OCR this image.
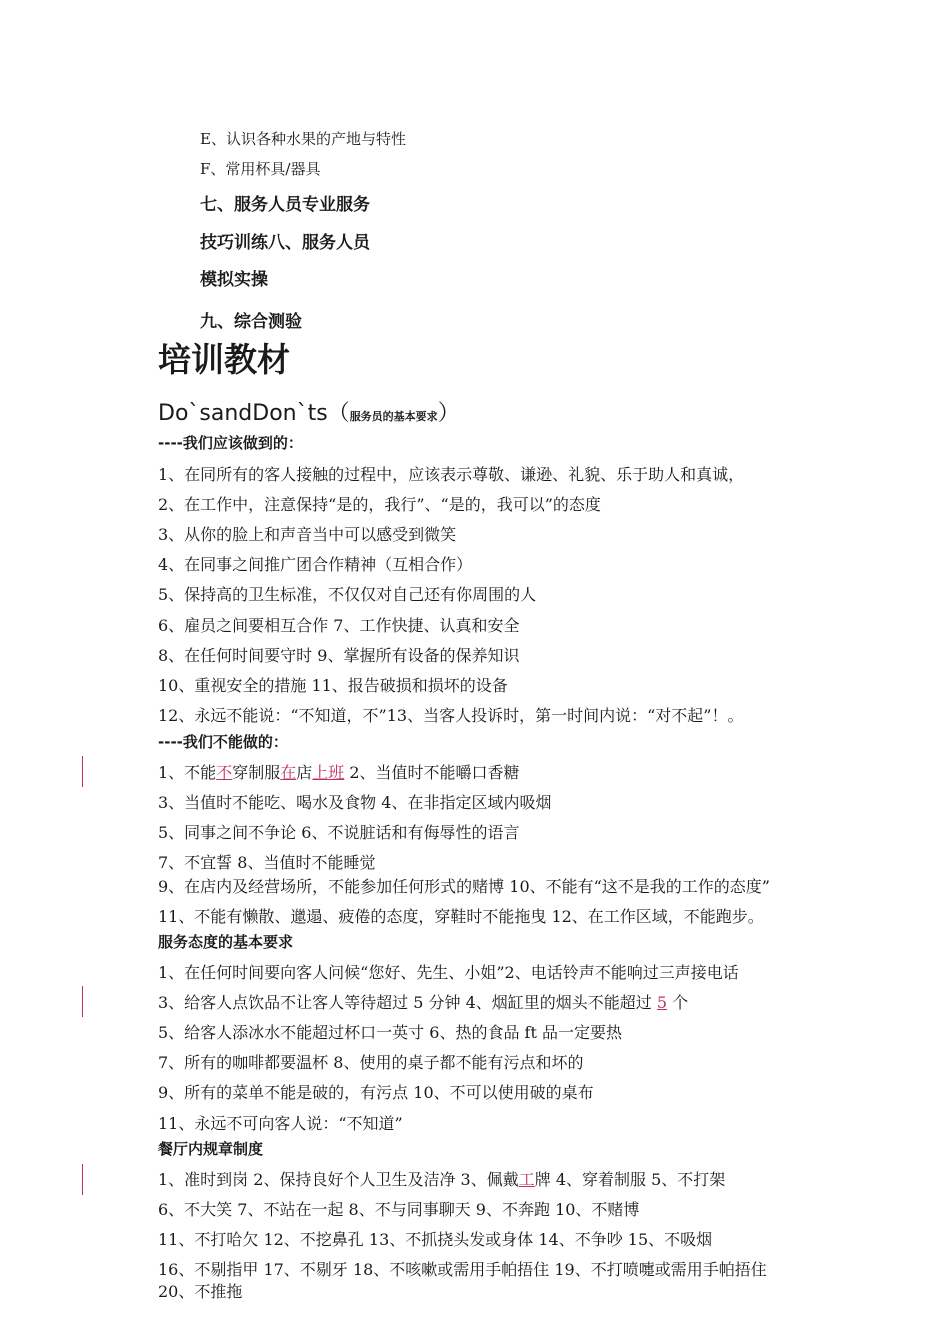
E、认识各种水果的产地与特性
F、常用杯具/器具
七、服务人员专业服务
技巧训练八、服务人员
模拟实操
九、综合测验
培训教材
Do`sandDon`ts（服务员的基本要求）
----我们应该做到的：
1、在同所有的客人接触的过程中，应该表示尊敬、谦逊、礼貌、乐于助人和真诚，
2、在工作中，注意保持“是的，我行”、“是的，我可以”的态度
3、从你的脸上和声音当中可以感受到微笑
4、在同事之间推广团合作精神（互相合作）
5、保持高的卫生标准，不仅仅对自己还有你周围的人
6、雇员之间要相互合作 7、工作快捷、认真和安全
8、在任何时间要守时 9、掌握所有设备的保养知识
10、重视安全的措施 11、报告破损和损坏的设备
12、永远不能说：“不知道，不”13、当客人投诉时，第一时间内说：“对不起”！。
----我们不能做的：
1、不能不穿制服在店上班 2、当值时不能嚼口香糖
3、当值时不能吃、喝水及食物 4、在非指定区域内吸烟
5、同事之间不争论 6、不说脏话和有侮辱性的语言
7、不宜誓 8、当值时不能睡觉
9、在店内及经营场所，不能参加任何形式的赌博 10、不能有“这不是我的工作的态度”
11、不能有懒散、邋遢、疲倦的态度，穿鞋时不能拖曳 12、在工作区域，不能跑步。
服务态度的基本要求
1、在任何时间要向客人问候“您好、先生、小姐”2、电话铃声不能响过三声接电话
3、给客人点饮品不让客人等待超过 5 分钟 4、烟缸里的烟头不能超过 5 个
5、给客人添冰水不能超过杯口一英寸 6、热的食品 ft 品一定要热
7、所有的咖啡都要温杯 8、使用的桌子都不能有污点和坏的
9、所有的菜单不能是破的，有污点 10、不可以使用破的桌布
11、永远不可向客人说：“不知道”
餐厅内规章制度
1、准时到岗 2、保持良好个人卫生及洁净 3、佩戴工牌 4、穿着制服 5、不打架
6、不大笑 7、不站在一起 8、不与同事聊天 9、不奔跑 10、不赌博
11、不打哈欠 12、不挖鼻孔 13、不抓挠头发或身体 14、不争吵 15、不吸烟
16、不剔指甲 17、不剔牙 18、不咳嗽或需用手帕捂住 19、不打喷嚏或需用手帕捂住
20、不推拖
